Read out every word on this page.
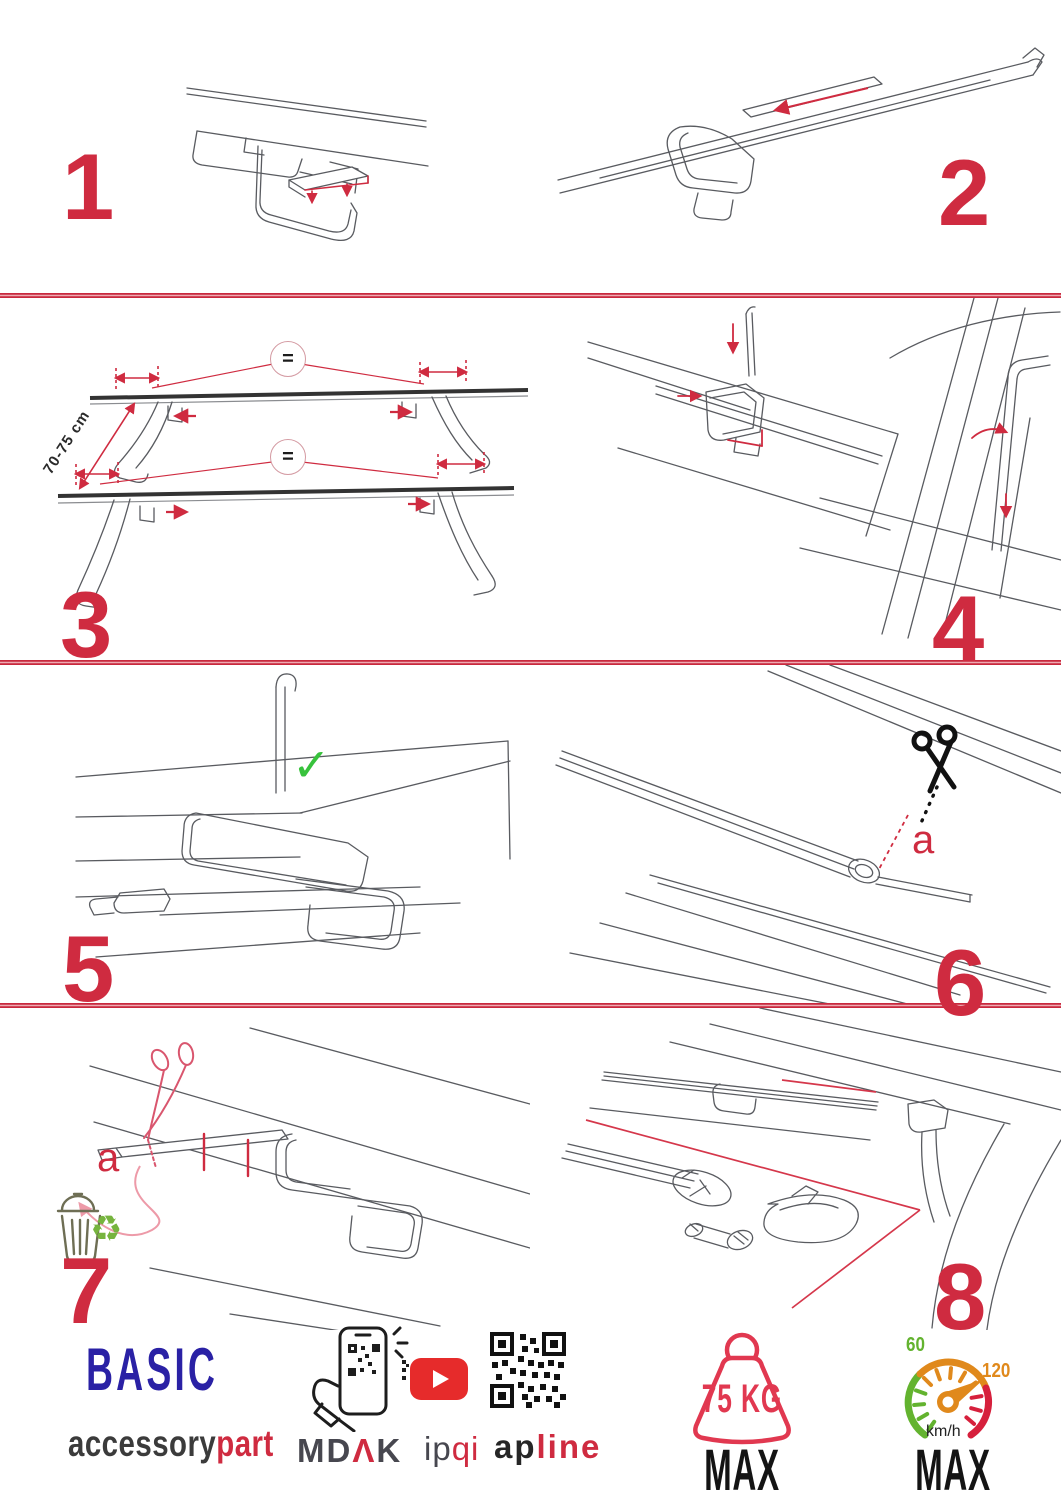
=
=
70-75 cm
✓
a
a
♻
1	2
3	4
5	6
7	8
BASIC
accessorypart MDΛK ipqi apline
75 KG
MAX
60
120
km/h
MAX
